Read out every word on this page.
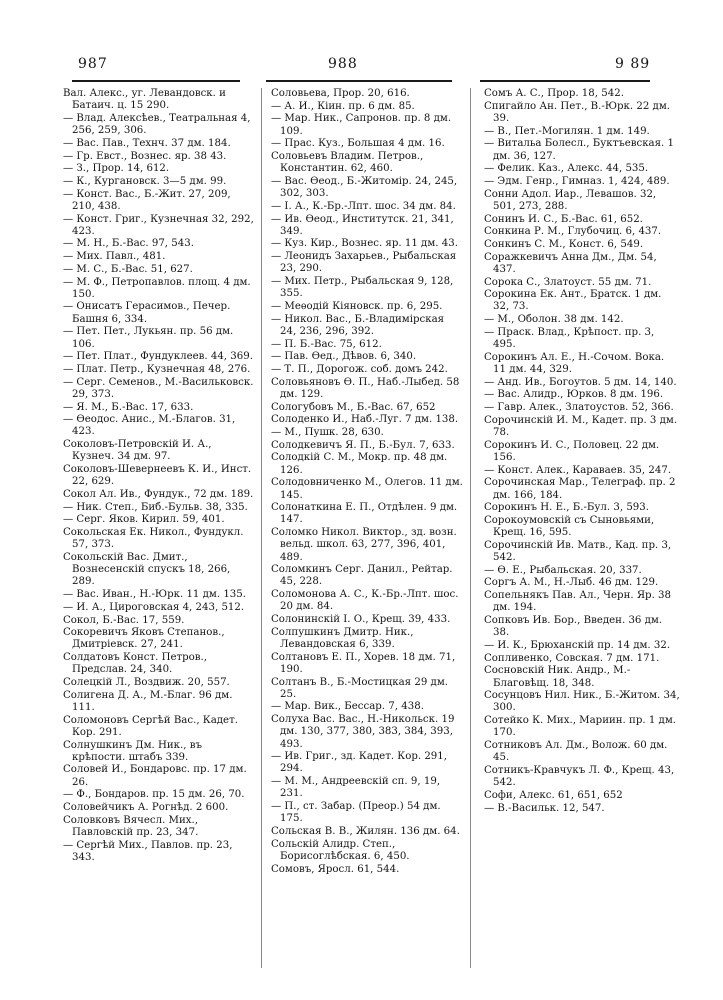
987	988	9 89

Вал. Алекс., уг. Левандовск. и Батаич. ц. 15 290.

— Влад. Алексѣев., Театральная 4, 256, 259, 306.

— Вас. Пав., Технч. 37 дм. 184.

— Гр. Евст., Вознес. яр. 38 43.

— З., Прор. 14, 612.

— К., Кургановск. 3—5 дм. 99.

— Конст. Вас., Б.-Жит. 27, 209, 210, 438.

— Конст. Григ., Кузнечная 32, 292, 423.

— М. Н., Б.-Вас. 97, 543.

— Мих. Павл., 481.

— М. С., Б.-Вас. 51, 627.

— М. Ф., Петропавлов. площ. 4 дм. 150.

— Онисатъ Герасимов., Печер. Башня 6, 334.

— Пет. Пет., Лукьян. пр. 56 дм. 106.

— Пет. Плат., Фундуклеев. 44, 369.

— Плат. Петр., Кузнечная 48, 276.

— Серг. Семенов., М.-Васильковск. 29, 373.

— Я. М., Б.-Вас. 17, 633.

— Ѳеодос. Анис., М.-Благов. 31, 423.

Соколовъ-Петровскій И. А., Кузнеч. 34 дм. 97.

Соколовъ-Шевернеевъ К. И., Инст. 22, 629.

Сокол Ал. Ив., Фундук., 72 дм. 189.

— Ник. Степ., Биб.-Бульв. 38, 335.

— Серг. Яков. Кирил. 59, 401.

Сокольская Ек. Никол., Фундукл. 57, 373.

Сокольскій Вас. Дмит., Вознесенскій спускъ 18, 266, 289.

— Вас. Иван., Н.-Юрк. 11 дм. 135.

— И. А., Цироговская 4, 243, 512.

Сокол, Б.-Вас. 17, 559.

Сокоревичъ Яковъ Степанов., Дмитріевск. 27, 241.

Солдатовъ Конст. Петров., Предслав. 24, 340.

Солецкій Л., Воздвиж. 20, 557.

Солигена Д. А., М.-Благ. 96 дм. 111.

Соломоновъ Сергѣй Вас., Кадет. Кор. 291.

Солнушкинъ Дм. Ник., въ крѣпости. штабъ 339.

Соловей И., Бондаровс. пр. 17 дм. 26.

— Ф., Бондаров. пр. 15 дм. 26, 70.

Соловейчикъ А. Рогнѣд. 2 600.

Соловковъ Вячесл. Мих., Павловскій пр. 23, 347.

— Сергѣй Мих., Павлов. пр. 23, 343.

Соловьева, Прор. 20, 616.

— А. И., Кіин. пр. 6 дм. 85.

— Мар. Ник., Сапронов. пр. 8 дм. 109.

— Прас. Куз., Большая 4 дм. 16.

Соловьевъ Владим. Петров., Константин. 62, 460.

— Вас. Ѳеод., Б.-Житомір. 24, 245, 302, 303.

— І. А., К.-Бр.-Лпт. шос. 34 дм. 84.

— Ив. Ѳеод., Институтск. 21, 341, 349.

— Куз. Кир., Вознес. яр. 11 дм. 43.

— Леонидъ Захарьев., Рыбальская 23, 290.

— Мих. Петр., Рыбальская 9, 128, 355.

— Меѳодій Кіяновск. пр. 6, 295.

— Никол. Вас., Б.-Владимірская 24, 236, 296, 392.

— П. Б.-Вас. 75, 612.

— Пав. Ѳед., Дѣвов. 6, 340.

— Т. П., Дорогож. соб. домъ 242.

Соловьяновъ Ѳ. П., Наб.-Лыбед. 58 дм. 129.

Сологубовъ М., Б.-Вас. 67, 652

Солоденко И., Наб.-Луг. 7 дм. 138.

— М., Пушк. 28, 630.

Солодкевичъ Я. П., Б.-Бул. 7, 633.

Солодкій С. М., Мокр. пр. 48 дм. 126.

Солодовниченко М., Олегов. 11 дм. 145.

Солонаткина Е. П., Отдѣлен. 9 дм. 147.

Соломко Никол. Виктор., зд. возн. вельд. школ. 63, 277, 396, 401, 489.

Соломкинъ Серг. Данил., Рейтар. 45, 228.

Соломонова А. С., К.-Бр.-Лпт. шос. 20 дм. 84.

Солонинскій І. О., Крещ. 39, 433.

Солпушкинъ Дмитр. Ник., Левандовская 6, 339.

Солтановъ Е. П., Хорев. 18 дм. 71, 190.

Солтанъ В., Б.-Мостицкая 29 дм. 25.

— Мар. Вик., Бессар. 7, 438.

Солуха Вас. Вас., Н.-Никольск. 19 дм. 130, 377, 380, 383, 384, 393, 493.

— Ив. Григ., зд. Кадет. Кор. 291, 294.

— М. М., Андреевскій сп. 9, 19, 231.

— П., ст. Забар. (Преор.) 54 дм. 175.

Сольская В. В., Жилян. 136 дм. 64.

Сольскій Алидр. Степ., Борисоглѣбская. 6, 450.

Сомовъ, Яросл. 61, 544.

Сомъ А. С., Прор. 18, 542.

Спигайло Ан. Пет., В.-Юрк. 22 дм. 39.

— В., Пет.-Могилян. 1 дм. 149.

— Витальа Болесл., Буктъевская. 1 дм. 36, 127.

— Фелик. Каз., Алекс. 44, 535.

— Эдм. Генр., Гимназ. 1, 424, 489.

Сонни Адол. Иар., Левашов. 32, 501, 273, 288.

Сонинъ И. С., Б.-Вас. 61, 652.

Сонкина Р. М., Глубочиц. 6, 437.

Сонкинъ С. М., Конст. 6, 549.

Соражкевичъ Анна Дм., Дм. 54, 437.

Сорока С., Златоуст. 55 дм. 71.

Сорокина Ек. Ант., Братск. 1 дм. 32, 73.

— М., Оболон. 38 дм. 142.

— Праск. Влад., Крѣпост. пр. 3, 495.

Сорокинъ Ал. Е., Н.-Сочом. Вока. 11 дм. 44, 329.

— Анд. Ив., Богоутов. 5 дм. 14, 140.

— Вас. Алидр., Юрков. 8 дм. 196.

— Гавр. Алек., Златоустов. 52, 366.

Сорочинскій И. М., Кадет. пр. 3 дм. 78.

Сорокинъ И. С., Половец. 22 дм. 156.

— Конст. Алек., Караваев. 35, 247.

Сорочинская Мар., Телеграф. пр. 2 дм. 166, 184.

Сорокинъ Н. Е., Б.-Бул. 3, 593.

Сорокоумовскій съ Сыновьями, Крещ. 16, 595.

Сорочинскій Ив. Матв., Кад. пр. 3, 542.

— Ѳ. Е., Рыбальская. 20, 337.

Соргъ А. М., Н.-Лыб. 46 дм. 129.

Сопельнякъ Пав. Ал., Черн. Яр. 38 дм. 194.

Сопковъ Ив. Бор., Введен. 36 дм. 38.

— И. К., Брюханскій пр. 14 дм. 32.

Сопливенко, Совская. 7 дм. 171.

Сосновскій Ник. Андр., М.-Благовѣщ. 18, 348.

Сосунцовъ Нил. Ник., Б.-Житом. 34, 300.

Сотейко К. Мих., Мариин. пр. 1 дм. 170.

Сотниковъ Ал. Дм., Волож. 60 дм. 45.

Сотникъ-Кравчукъ Л. Ф., Крещ. 43, 542.

Софи, Алекс. 61, 651, 652

— В.-Васильк. 12, 547.
